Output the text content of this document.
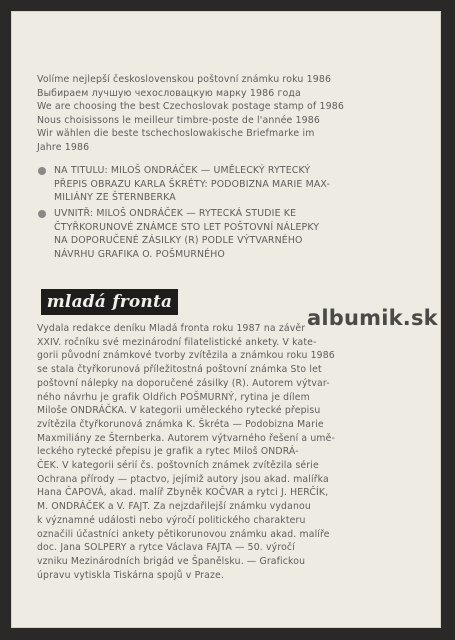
Volíme nejlepší československou poštovní známku roku 1986
Выбираем лучшую чехословацкую марку 1986 года
We are choosing the best Czechoslovak postage stamp of 1986
Nous choisissons le meilleur timbre-poste de l'année 1986
Wir wählen die beste tschechoslowakische Briefmarke im
Jahre 1986
NA TITULU: MILOŠ ONDRÁČEK — UMĚLECKÝ RYTECKÝ
PŘEPIS OBRAZU KARLA ŠKRÉTY: PODOBIZNA MARIE MAX-
MILIÁNY ZE ŠTERNBERKA
UVNITŘ: MILOŠ ONDRÁČEK — RYTECKÁ STUDIE KE
ČTYŘKORUNOVÉ ZNÁMCE STO LET POŠTOVNÍ NÁLEPKY
NA DOPORUČENÉ ZÁSILKY (R) PODLE VÝTVARNÉHO
NÁVRHU GRAFIKA O. POŠMURNÉHO
mladá fronta
Vydala redakce deníku Mladá fronta roku 1987 na závěr
XXIV. ročníku své mezinárodní filatelistické ankety. V kate-
gorii původní známkové tvorby zvítězila a známkou roku 1986
se stala čtyřkorunová příležitostná poštovní známka Sto let
poštovní nálepky na doporučené zásilky (R). Autorem výtvar-
ného návrhu je grafik Oldřich POŠMURNÝ, rytina je dílem
Miloše ONDRÁČKA. V kategorii uměleckého rytecké přepisu
zvítězila čtyřkorunová známka K. Škréta — Podobizna Marie
Maxmiliány ze Šternberka. Autorem výtvarného řešení a umě-
leckého rytecké přepisu je grafik a rytec Miloš ONDRÁ-
ČEK. V kategorii sérií čs. poštovních známek zvítězila série
Ochrana přírody — ptactvo, jejímiž autory jsou akad. malířka
Hana ČAPOVÁ, akad. malíř Zbyněk KOČVAR a rytci J. HERČÍK,
M. ONDRÁČEK a V. FAJT. Za nejzdařilejší známku vydanou
k významné události nebo výročí politického charakteru
označili účastníci ankety pětikorunovou známku akad. malíře
doc. Jana SOLPERY a rytce Václava FAJTA — 50. výročí
vzniku Mezinárodních brigád ve Španělsku. — Grafickou
úpravu vytiskla Tiskárna spojů v Praze.
albumik.sk
